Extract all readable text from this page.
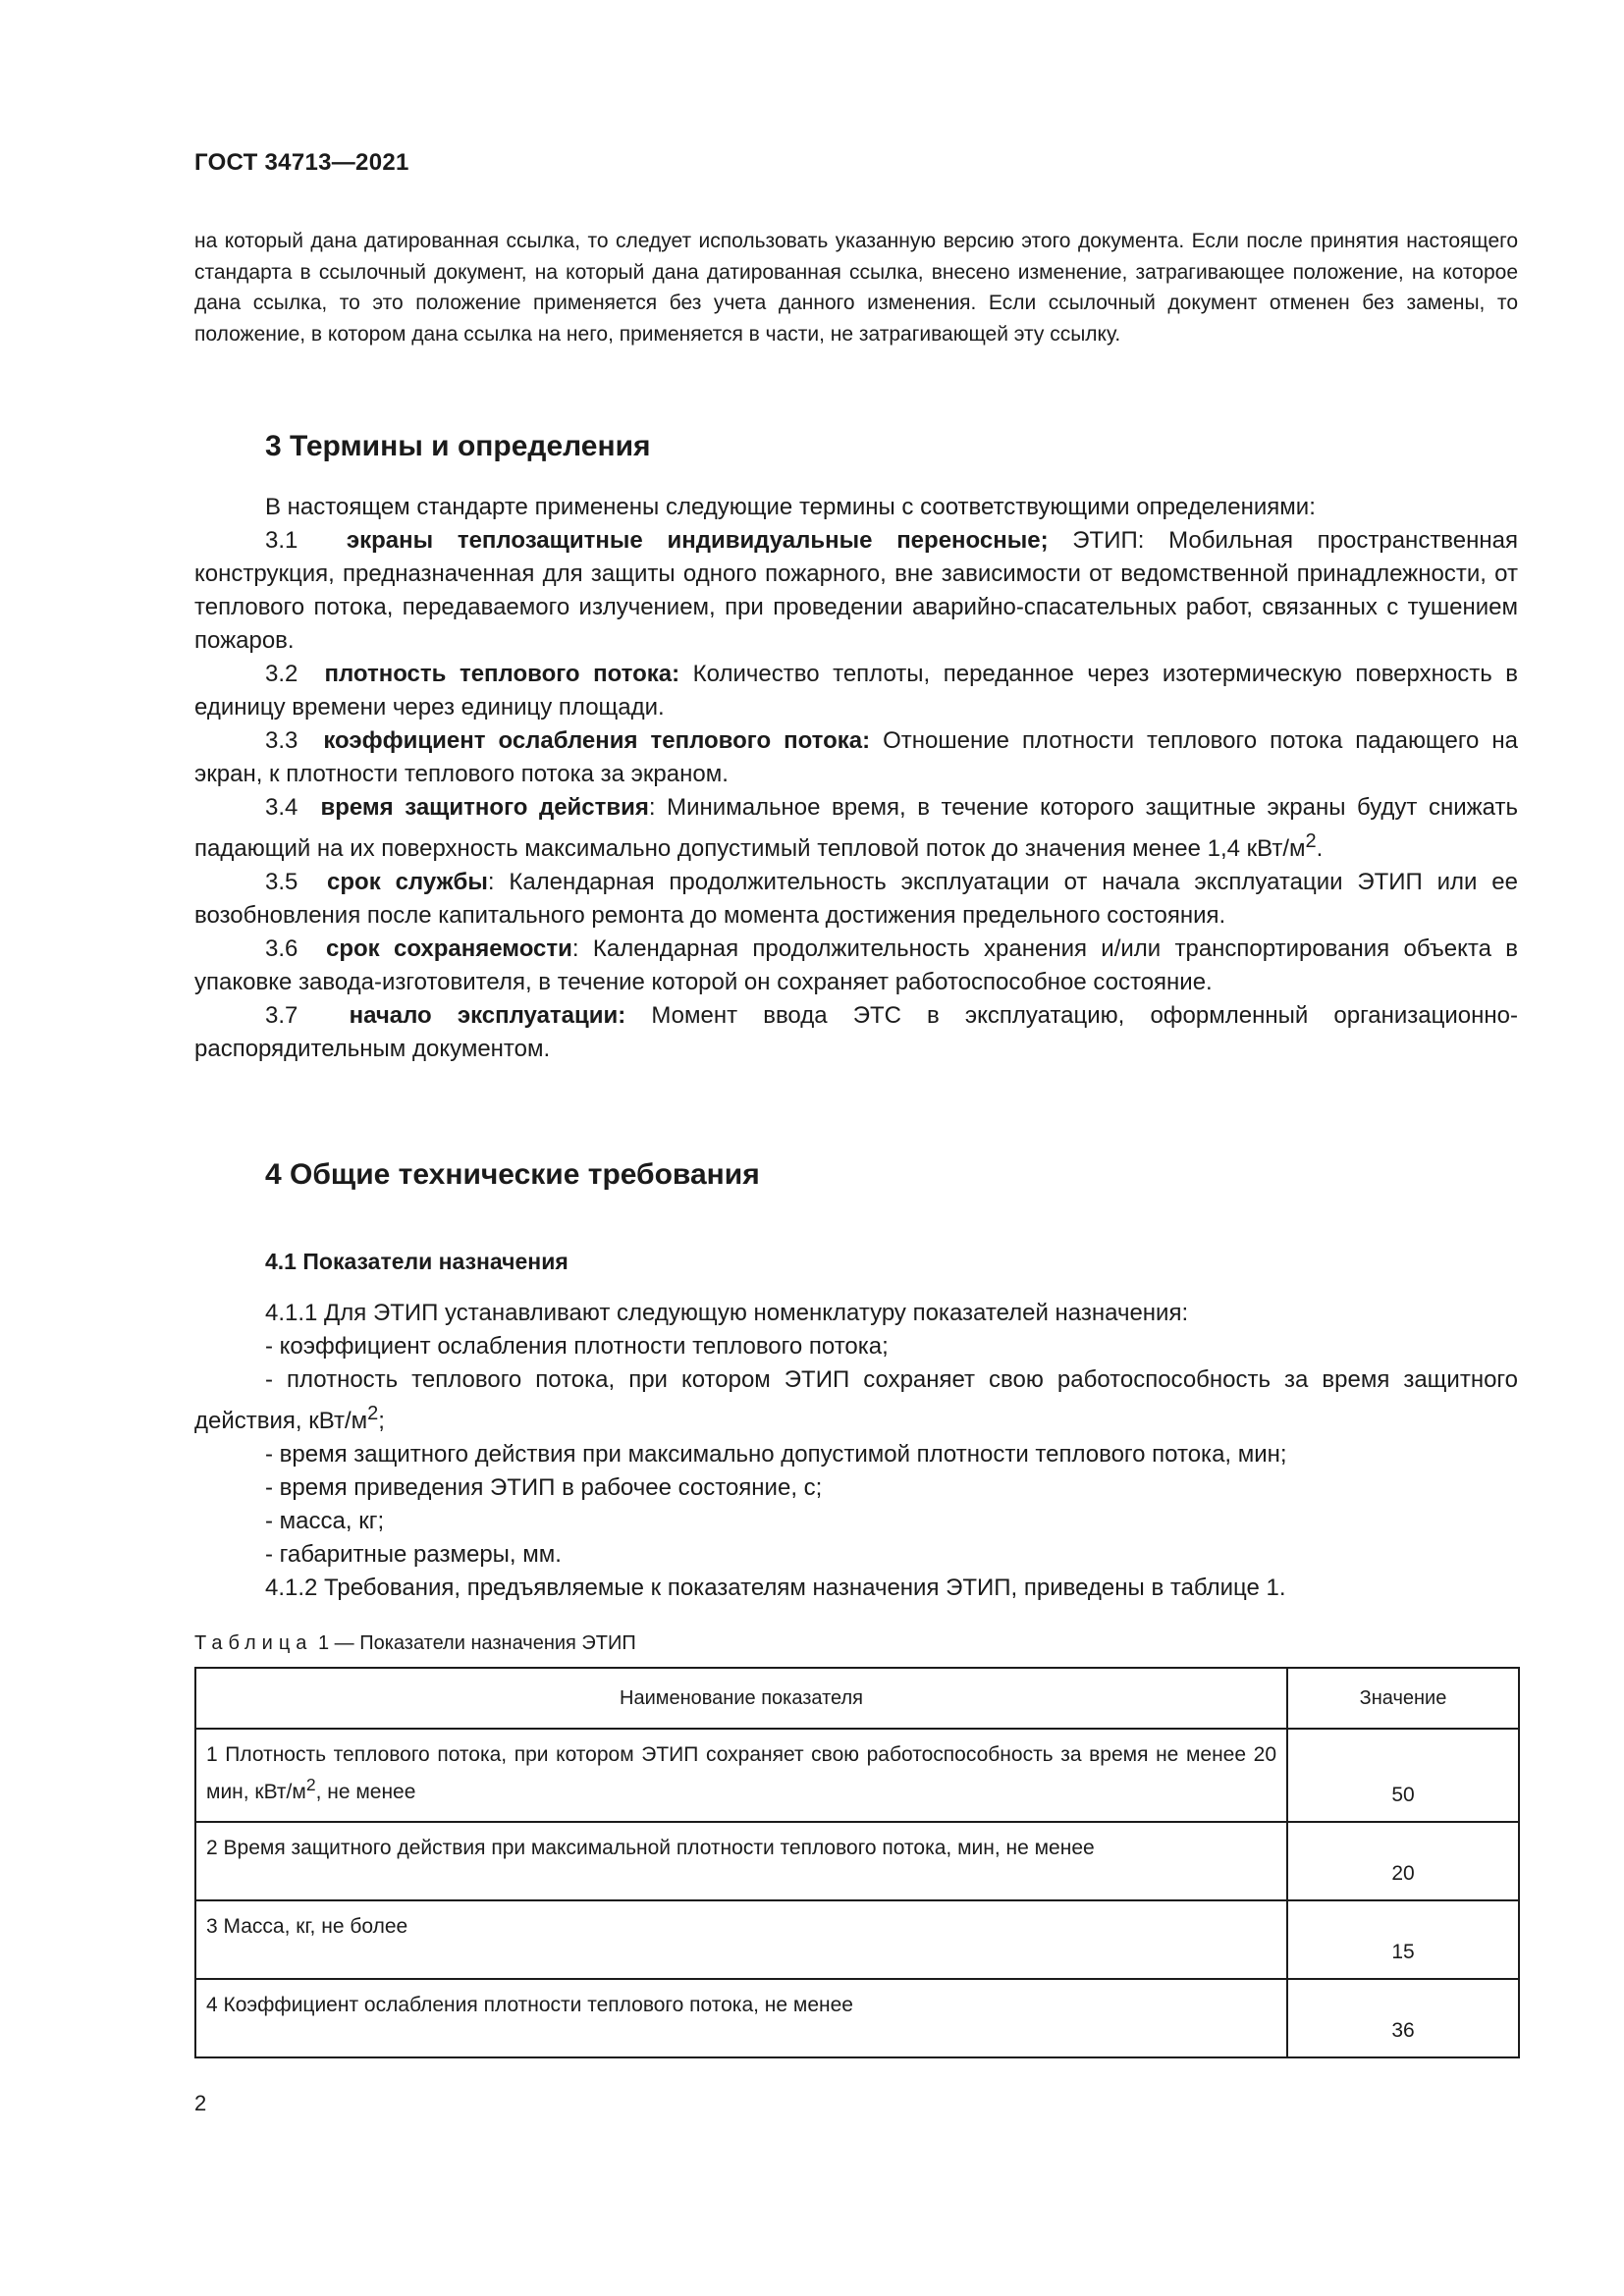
ГОСТ 34713—2021
на который дана датированная ссылка, то следует использовать указанную версию этого документа. Если после принятия настоящего стандарта в ссылочный документ, на который дана датированная ссылка, внесено изменение, затрагивающее положение, на которое дана ссылка, то это положение применяется без учета данного изменения. Если ссылочный документ отменен без замены, то положение, в котором дана ссылка на него, применяется в части, не затрагивающей эту ссылку.
3 Термины и определения
В настоящем стандарте применены следующие термины с соответствующими определениями:
3.1 экраны теплозащитные индивидуальные переносные; ЭТИП: Мобильная пространственная конструкция, предназначенная для защиты одного пожарного, вне зависимости от ведомственной принадлежности, от теплового потока, передаваемого излучением, при проведении аварийно-спасательных работ, связанных с тушением пожаров.
3.2 плотность теплового потока: Количество теплоты, переданное через изотермическую поверхность в единицу времени через единицу площади.
3.3 коэффициент ослабления теплового потока: Отношение плотности теплового потока падающего на экран, к плотности теплового потока за экраном.
3.4 время защитного действия: Минимальное время, в течение которого защитные экраны будут снижать падающий на их поверхность максимально допустимый тепловой поток до значения менее 1,4 кВт/$м^2$.
3.5 срок службы: Календарная продолжительность эксплуатации от начала эксплуатации ЭТИП или ее возобновления после капитального ремонта до момента достижения предельного состояния.
3.6 срок сохраняемости: Календарная продолжительность хранения и/или транспортирования объекта в упаковке завода-изготовителя, в течение которой он сохраняет работоспособное состояние.
3.7 начало эксплуатации: Момент ввода ЭТС в эксплуатацию, оформленный организационно-распорядительным документом.
4 Общие технические требования
4.1 Показатели назначения
4.1.1 Для ЭТИП устанавливают следующую номенклатуру показателей назначения:
- коэффициент ослабления плотности теплового потока;
- плотность теплового потока, при котором ЭТИП сохраняет свою работоспособность за время защитного действия, кВт/$м^2$;
- время защитного действия при максимально допустимой плотности теплового потока, мин;
- время приведения ЭТИП в рабочее состояние, с;
- масса, кг;
- габаритные размеры, мм.
4.1.2 Требования, предъявляемые к показателям назначения ЭТИП, приведены в таблице 1.
Таблица 1 — Показатели назначения ЭТИП
Наименование показателя	Значение
1 Плотность теплового потока, при котором ЭТИП сохраняет свою работоспособность за время не менее 20 мин, кВт/$м^2$, не менее	50
2 Время защитного действия при максимальной плотности теплового потока, мин, не менее	20
3 Масса, кг, не более	15
4 Коэффициент ослабления плотности теплового потока, не менее	36
2
